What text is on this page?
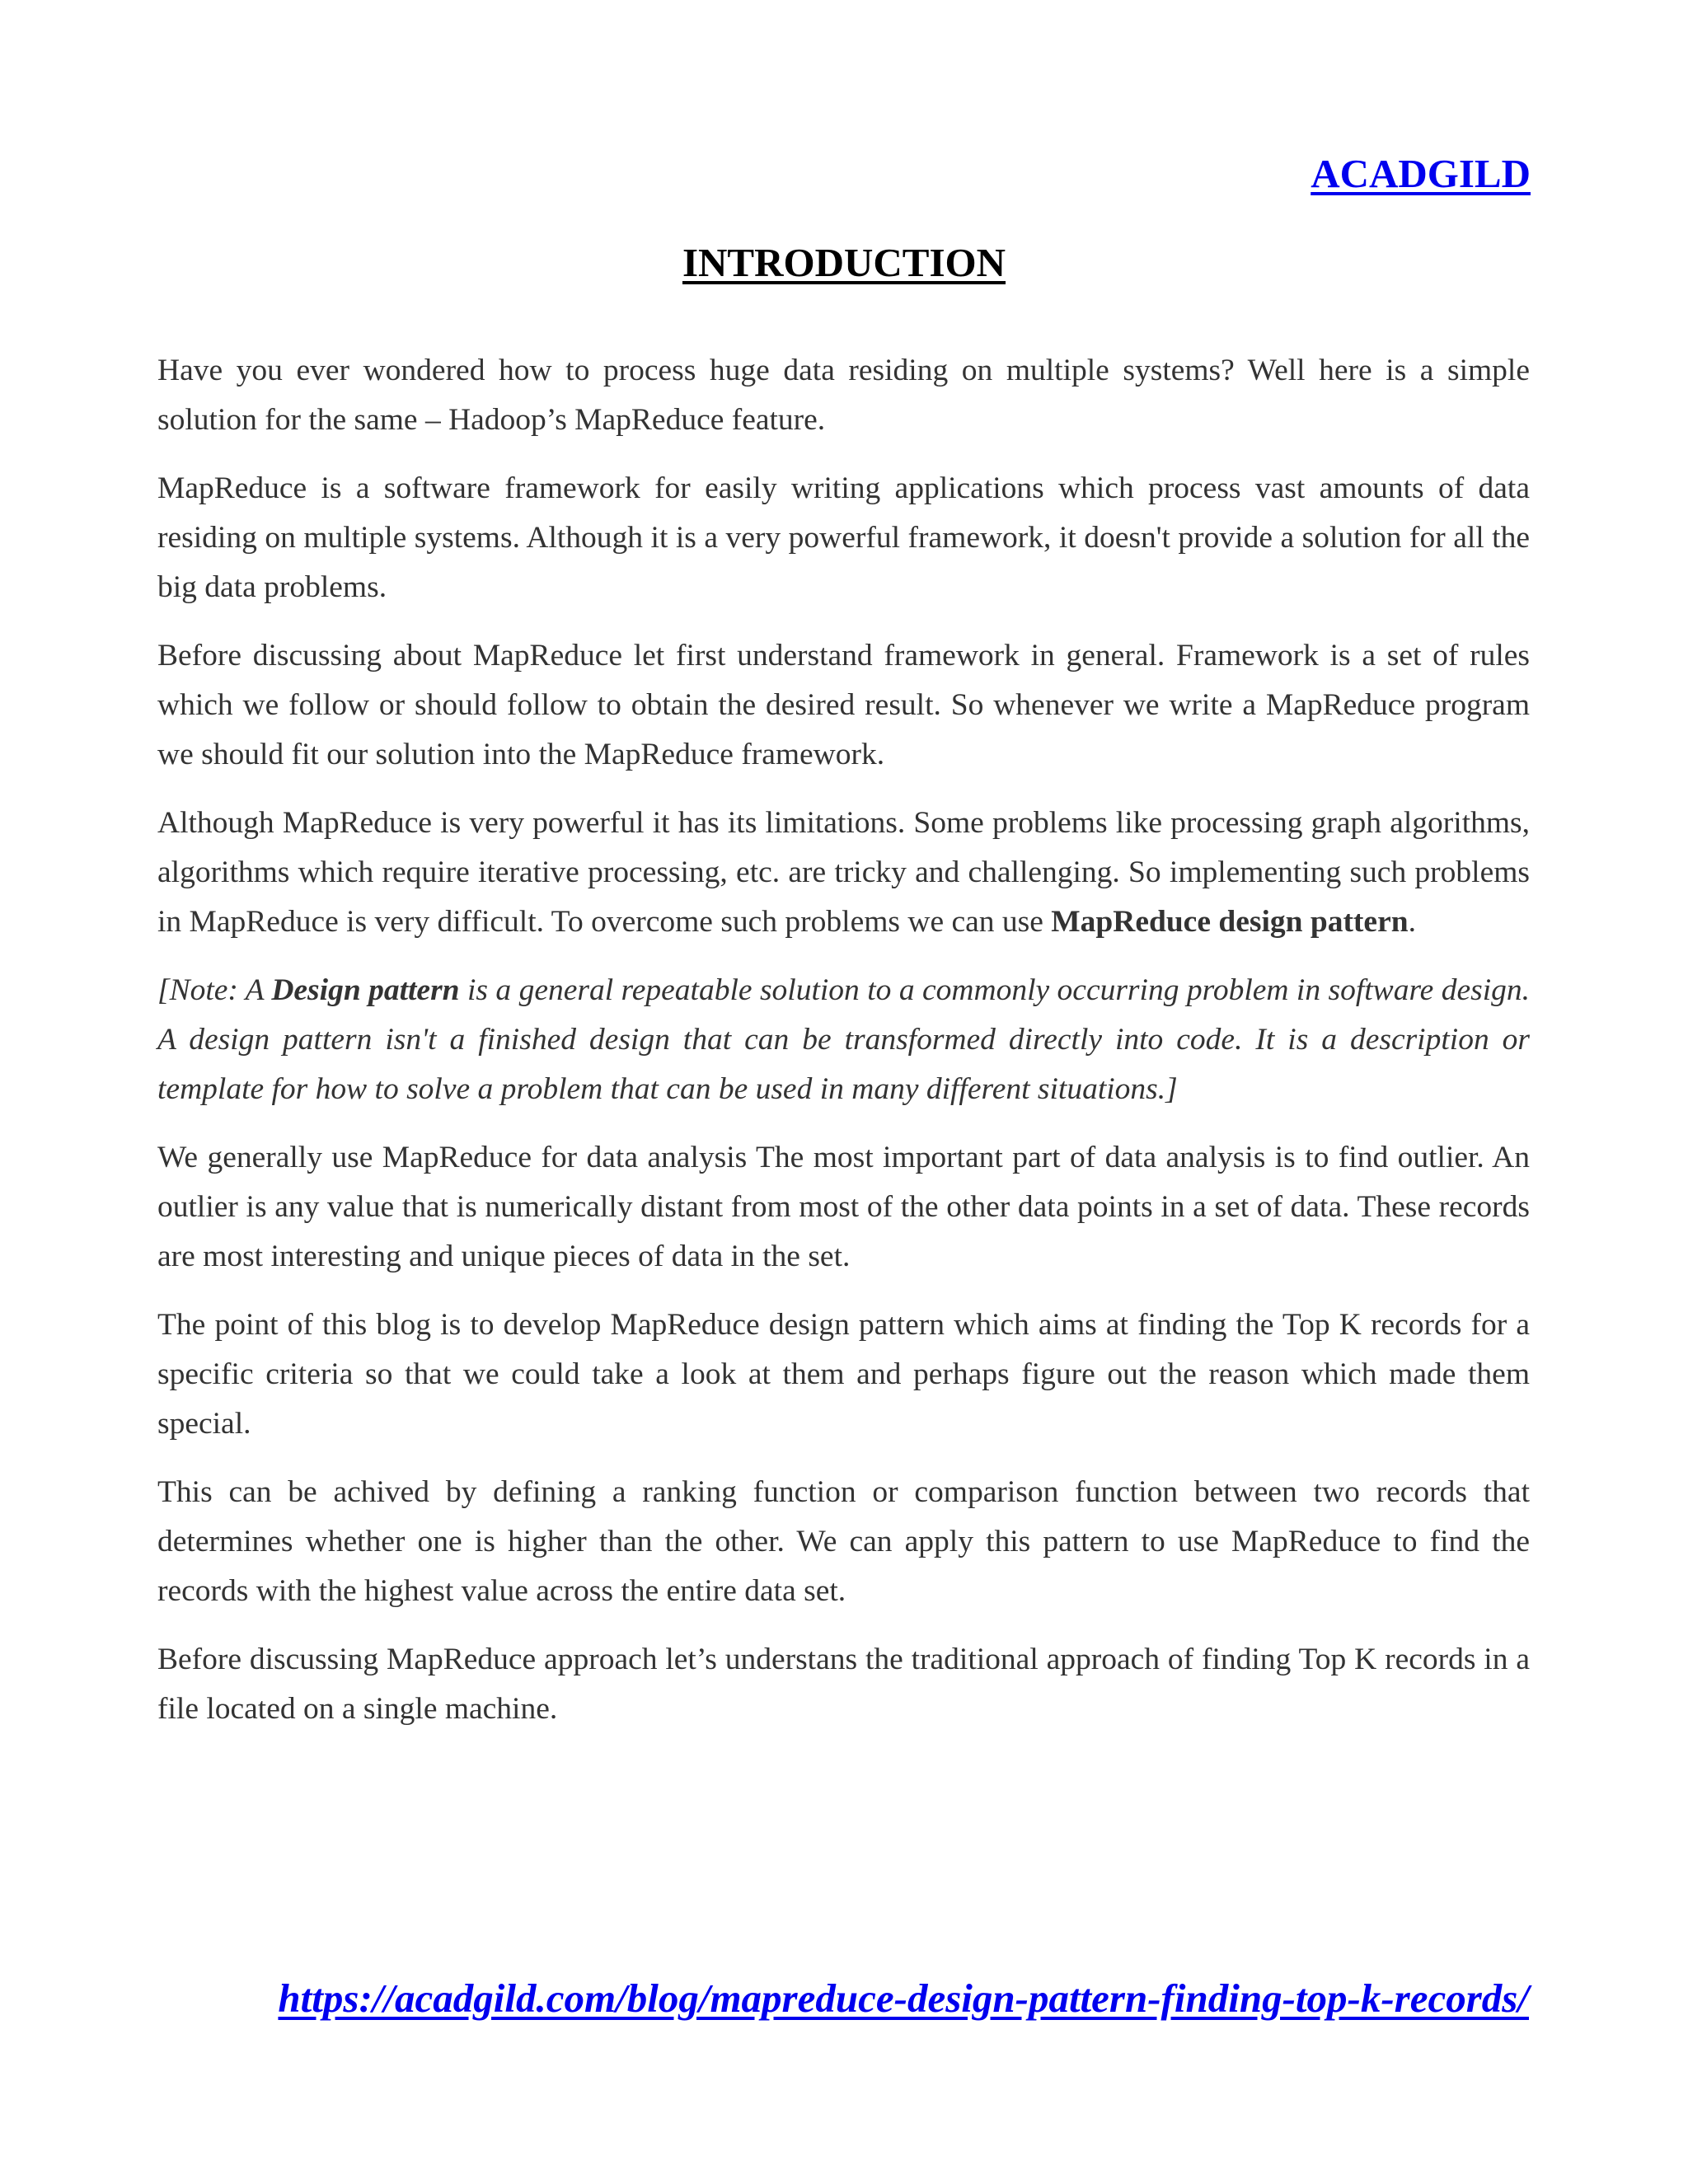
ACADGILD
INTRODUCTION

Have you ever wondered how to process huge data residing on multiple systems? Well here is a simple solution for the same – Hadoop’s MapReduce feature.

MapReduce is a software framework for easily writing applications which process vast amounts of data residing on multiple systems. Although it is a very powerful framework, it doesn't provide a solution for all the big data problems.

Before discussing about MapReduce let first understand framework in general. Framework is a set of rules which we follow or should follow to obtain the desired result. So whenever we write a MapReduce program we should fit our solution into the MapReduce framework.

Although MapReduce is very powerful it has its limitations. Some problems like processing graph algorithms, algorithms which require iterative processing, etc. are tricky and challenging. So implementing such problems in MapReduce is very difficult. To overcome such problems we can use MapReduce design pattern.

[Note: A Design pattern is a general repeatable solution to a commonly occurring problem in software design. A design pattern isn't a finished design that can be transformed directly into code. It is a description or template for how to solve a problem that can be used in many different situations.]

We generally use MapReduce for data analysis The most important part of data analysis is to find outlier. An outlier is any value that is numerically distant from most of the other data points in a set of data. These records are most interesting and unique pieces of data in the set.

The point of this blog is to develop MapReduce design pattern which aims at finding the Top K records for a specific criteria so that we could take a look at them and perhaps figure out the reason which made them special.

This can be achived by defining a ranking function or comparison function between two records that determines whether one is higher than the other. We can apply this pattern to use MapReduce to find the records with the highest value across the entire data set.

Before discussing MapReduce approach let’s understans the traditional approach of finding Top K records in a file located on a single machine.

https://acadgild.com/blog/mapreduce-design-pattern-finding-top-k-records/
